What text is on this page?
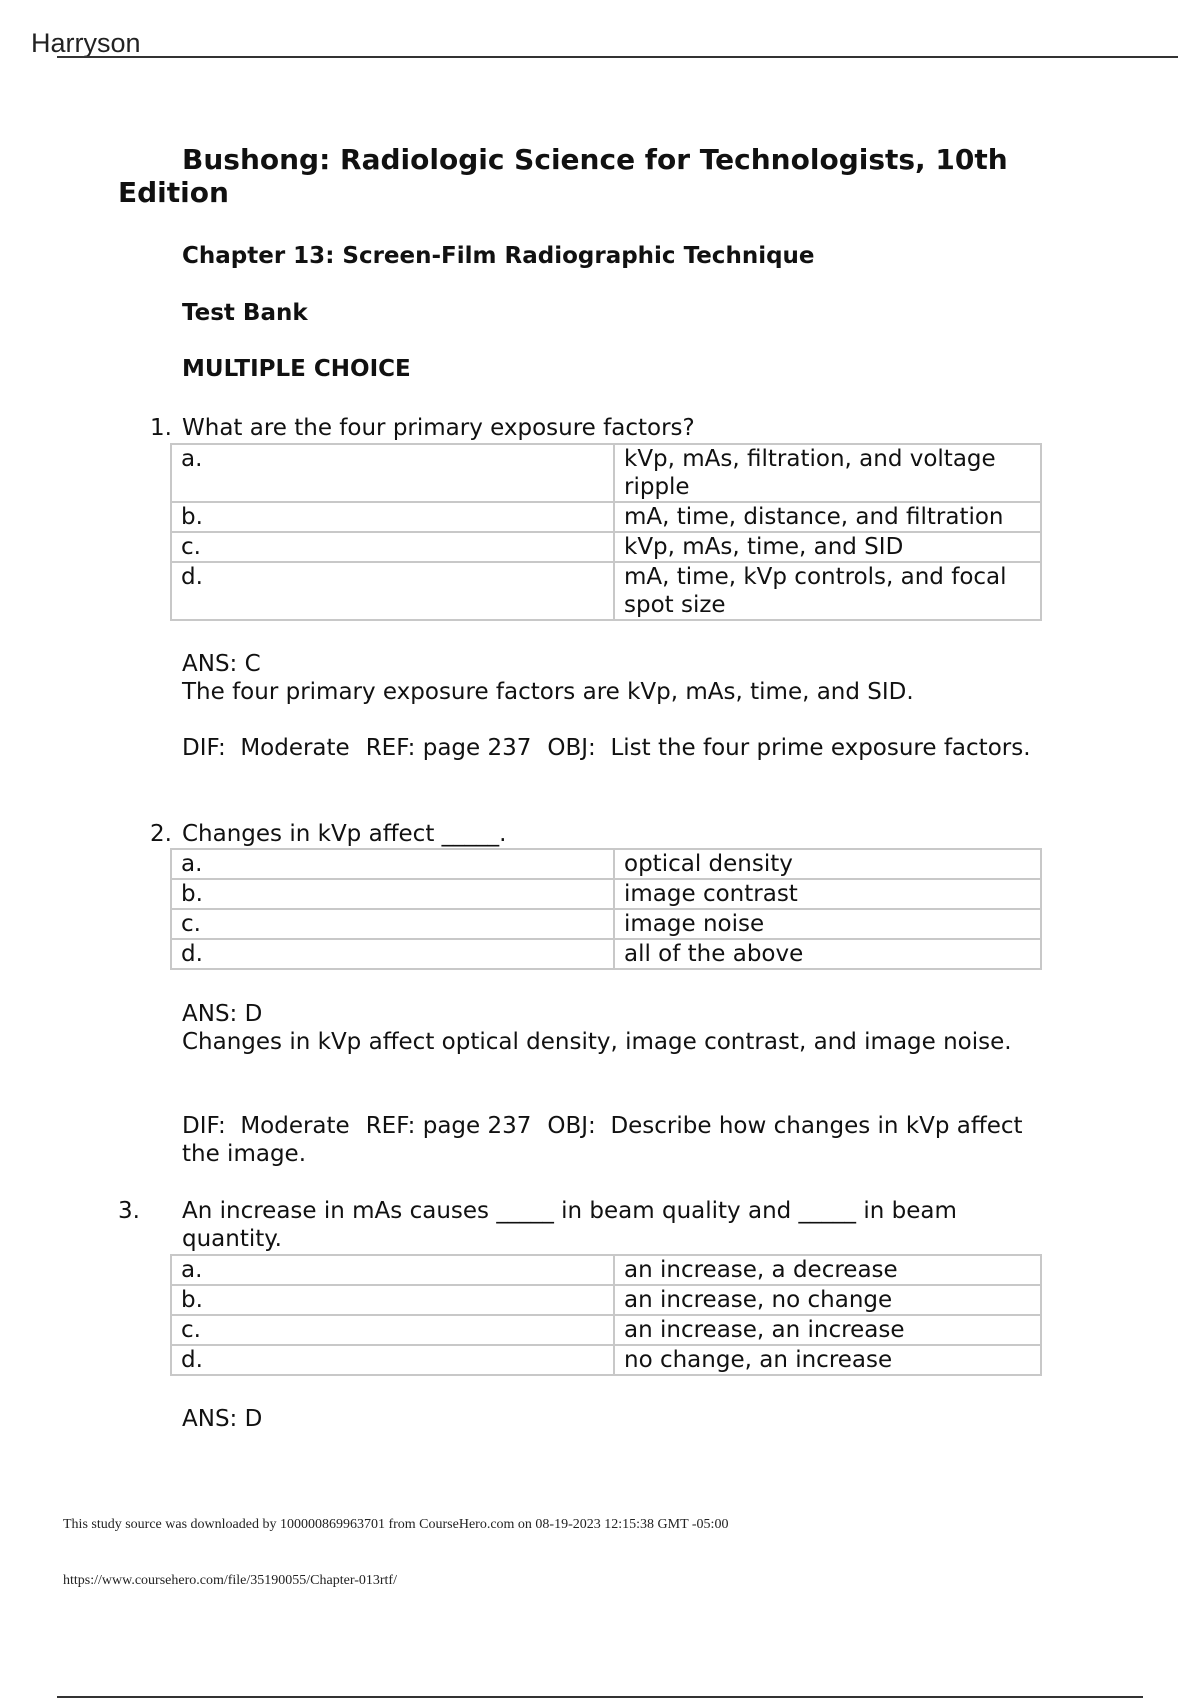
Harryson
Bushong: Radiologic Science for Technologists, 10th Edition
Chapter 13: Screen-Film Radiographic Technique
Test Bank
MULTIPLE CHOICE
1. What are the four primary exposure factors?
a.	kVp, mAs, filtration, and voltage ripple
b.	mA, time, distance, and filtration
c.	kVp, mAs, time, and SID
d.	mA, time, kVp controls, and focal spot size

ANS: C

The four primary exposure factors are kVp, mAs, time, and SID.

DIF: Moderate REF: page 237 OBJ: List the four prime exposure factors.
2. Changes in kVp affect _____.
a.	optical density
b.	image contrast
c.	image noise
d.	all of the above

ANS: D

Changes in kVp affect optical density, image contrast, and image noise.

DIF: Moderate REF: page 237 OBJ: Describe how changes in kVp affect the image.
3. An increase in mAs causes _____ in beam quality and _____ in beam quantity.
a.	an increase, a decrease
b.	an increase, no change
c.	an increase, an increase
d.	no change, an increase

ANS: D

This study source was downloaded by 100000869963701 from CourseHero.com on 08-19-2023 12:15:38 GMT -05:00
https://www.coursehero.com/file/35190055/Chapter-013rtf/
